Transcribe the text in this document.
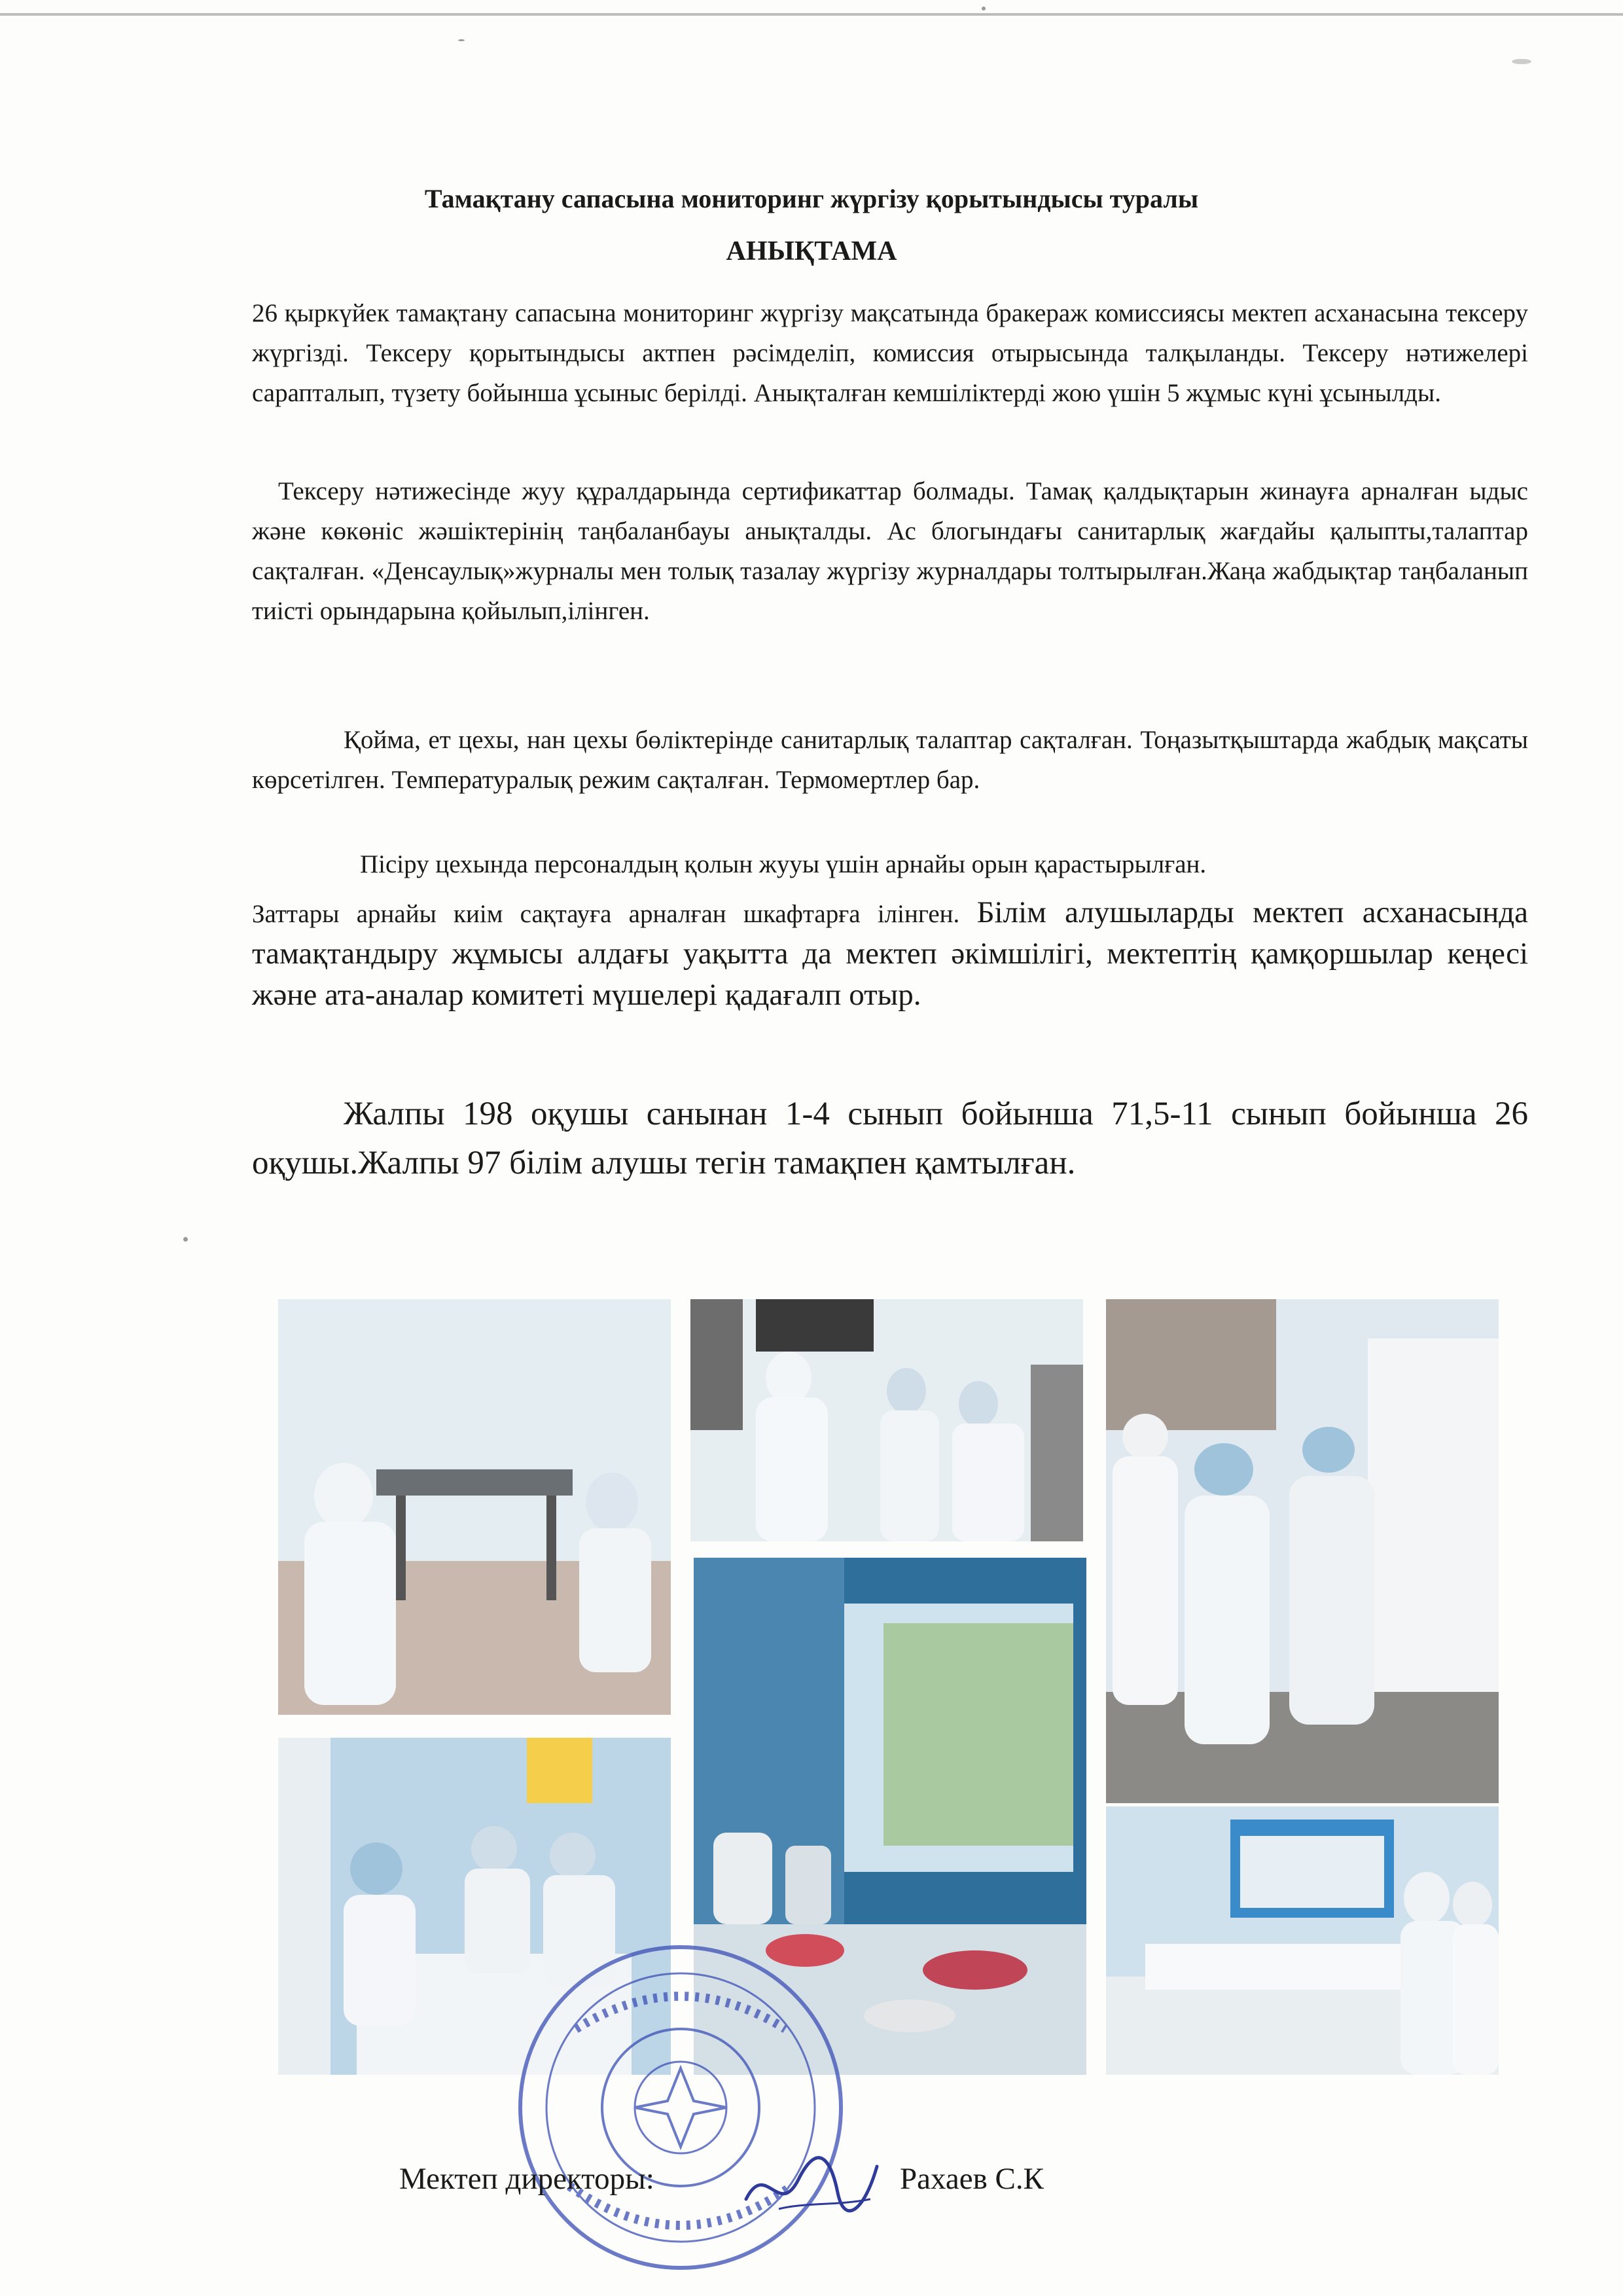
Тамақтану сапасына мониторинг жүргізу қорытындысы туралы
АНЫҚТАМА

26 қыркүйек тамақтану сапасына мониторинг жүргізу мақсатында бракераж комиссиясы мектеп асханасына тексеру жүргізді. Тексеру қорытындысы актпен рәсімделіп, комиссия отырысында талқыланды. Тексеру нәтижелері сарапталып, түзету бойынша ұсыныс берілді. Анықталған кемшіліктерді жою үшін 5 жұмыс күні ұсынылды.

Тексеру нәтижесінде жуу құралдарында сертификаттар болмады. Тамақ қалдықтарын жинауға арналған ыдыс және көкөніс жәшіктерінің таңбаланбауы анықталды. Ас блогындағы санитарлық жағдайы қалыпты,талаптар сақталған. «Денсаулық»журналы мен толық тазалау жүргізу журналдары толтырылған.Жаңа жабдықтар таңбаланып тиісті орындарына қойылып,ілінген.

Қойма, ет цехы, нан цехы бөліктерінде санитарлық талаптар сақталған. Тоңазытқыштарда жабдық мақсаты көрсетілген. Температуралық режим сақталған. Термомертлер бар.

Пісіру цехында персоналдың қолын жууы үшін арнайы орын қарастырылған.

Заттары арнайы киім сақтауға арналған шкафтарға ілінген. Білім алушыларды мектеп асханасында тамақтандыру жұмысы алдағы уақытта да мектеп әкімшілігі, мектептің қамқоршылар кеңесі және ата-аналар комитеті мүшелері қадағалп отыр.

Жалпы 198 оқушы санынан 1-4 сынып бойынша 71,5-11 сынып бойынша 26 оқушы.Жалпы 97 білім алушы тегін тамақпен қамтылған.

Мектеп директоры:	Рахаев С.К
